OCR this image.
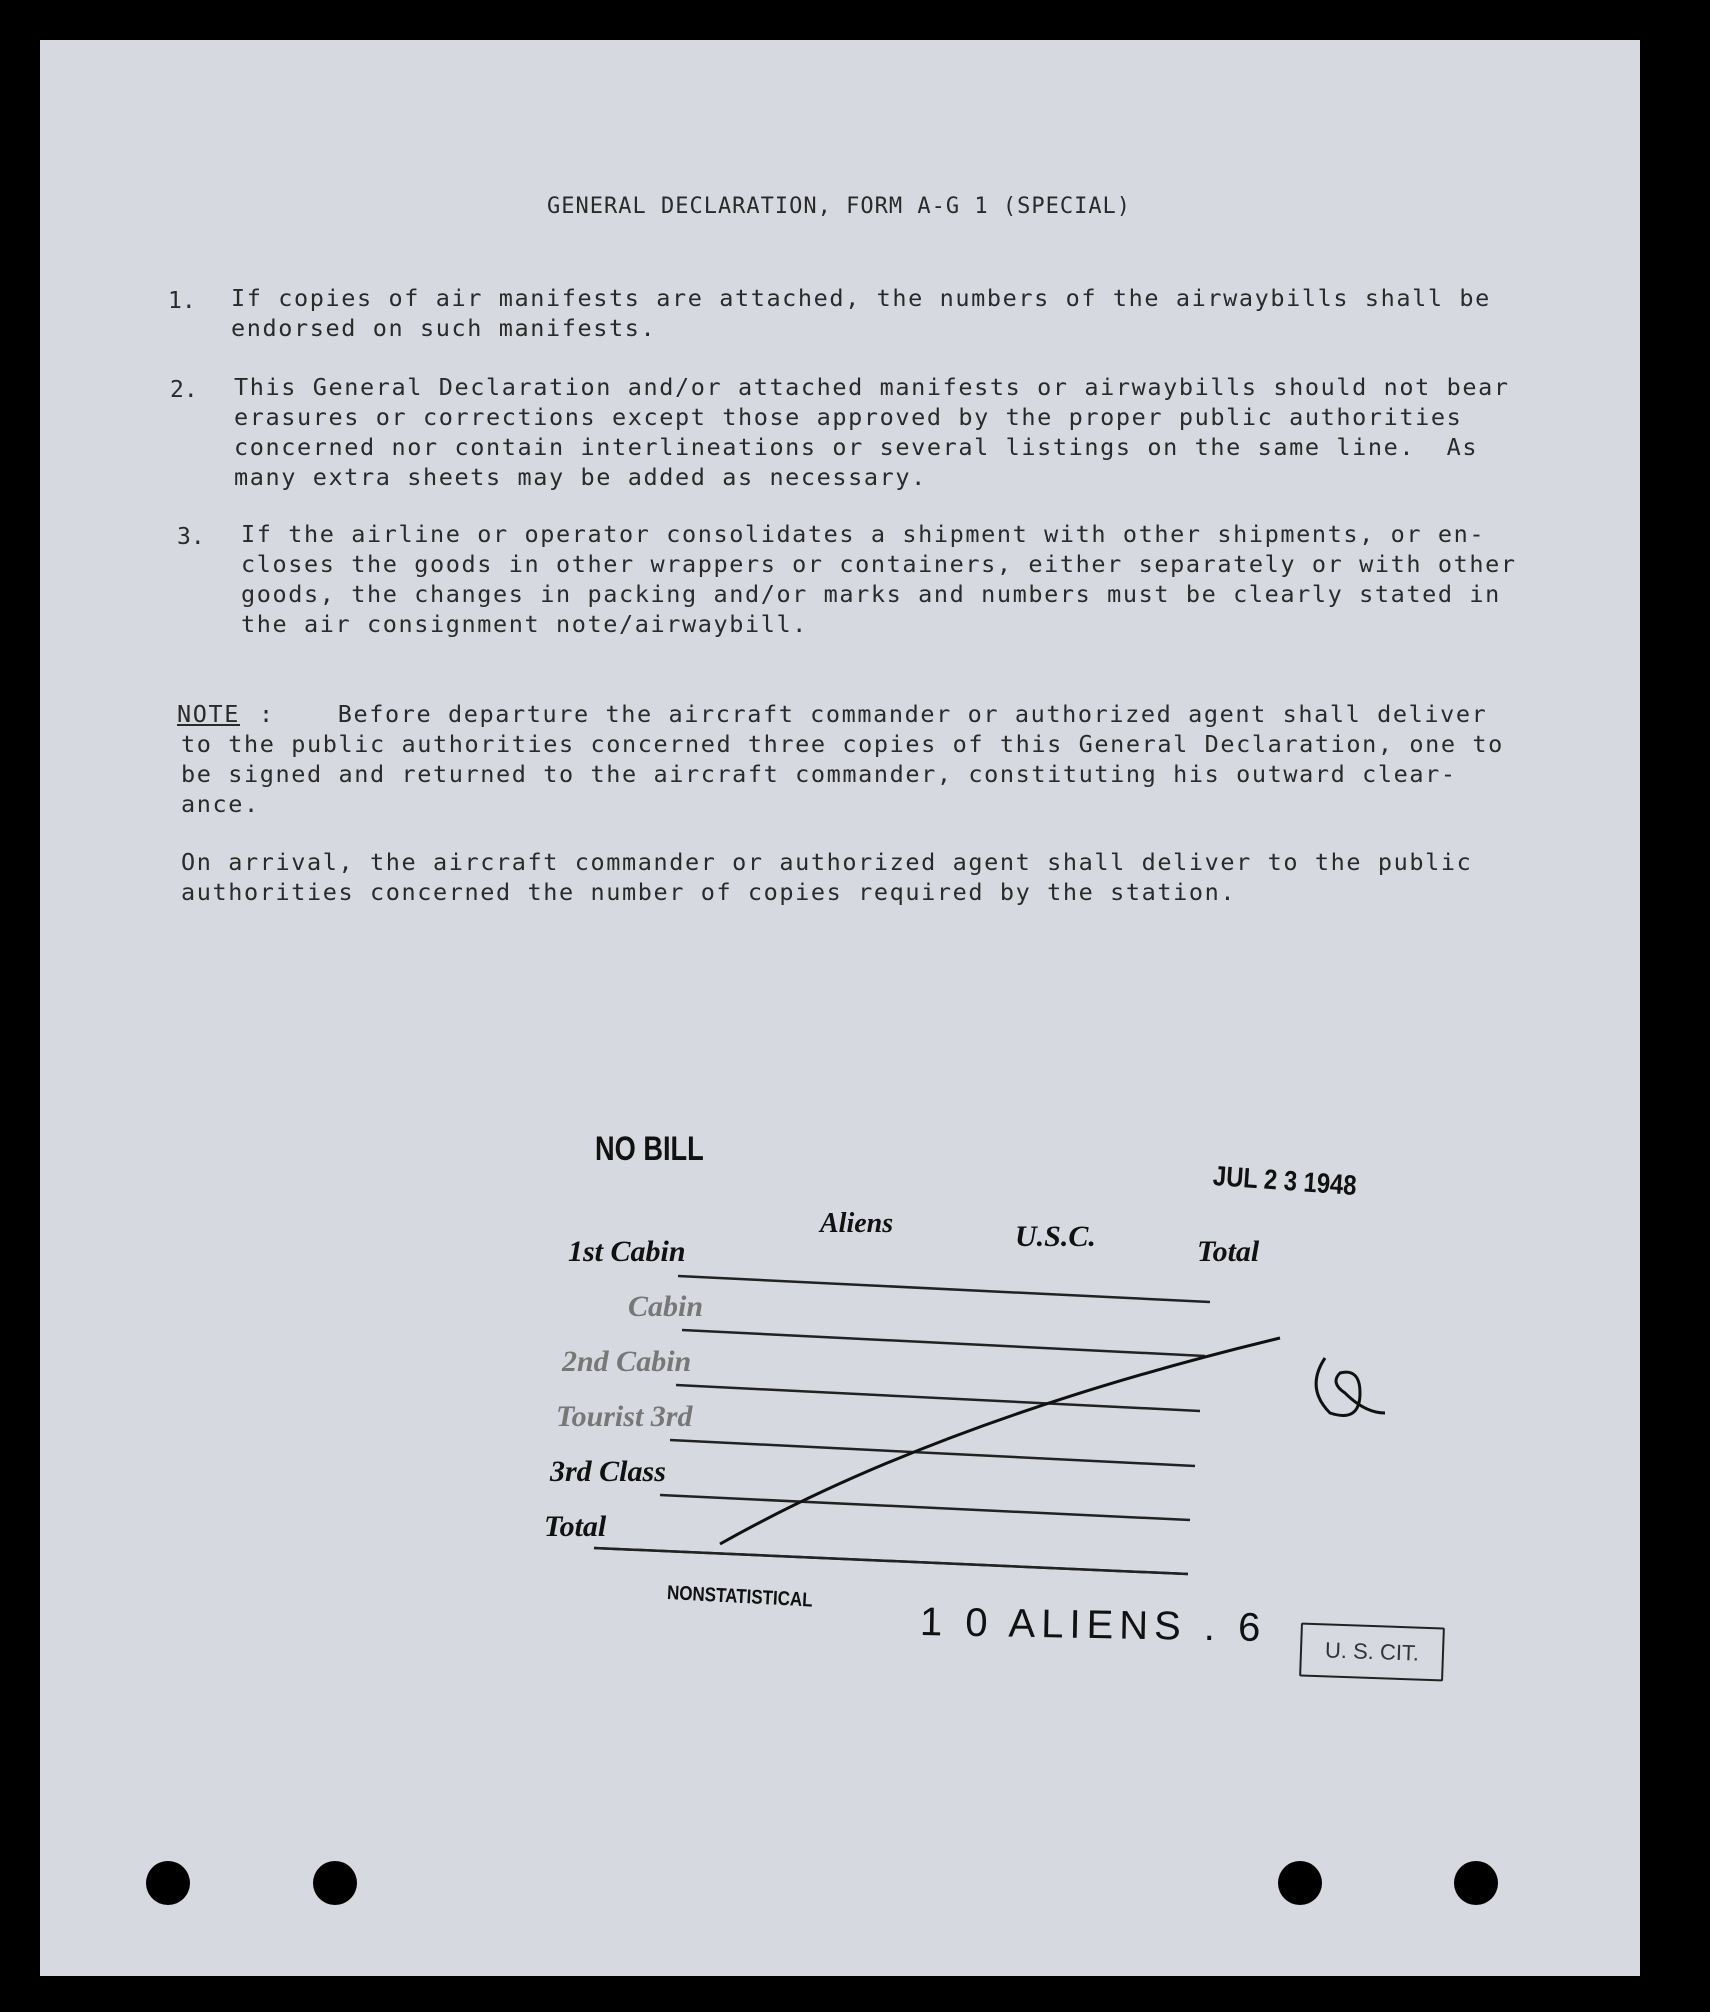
GENERAL DECLARATION, FORM A-G 1 (SPECIAL)
1. If copies of air manifests are attached, the numbers of the airwaybills shall be
endorsed on such manifests.
2. This General Declaration and/or attached manifests or airwaybills should not bear
erasures or corrections except those approved by the proper public authorities
concerned nor contain interlineations or several listings on the same line.  As
many extra sheets may be added as necessary.
3. If the airline or operator consolidates a shipment with other shipments, or en-
closes the goods in other wrappers or containers, either separately or with other
goods, the changes in packing and/or marks and numbers must be clearly stated in
the air consignment note/airwaybill.
NOTE :    Before departure the aircraft commander or authorized agent shall deliver
to the public authorities concerned three copies of this General Declaration, one to
be signed and returned to the aircraft commander, constituting his outward clear-
ance.
On arrival, the aircraft commander or authorized agent shall deliver to the public
authorities concerned the number of copies required by the station.
NO BILL
JUL 2 3 1948
Aliens	U.S.C.	Total
1st Cabin
Cabin
2nd Cabin
Tourist 3rd
3rd Class
Total
NONSTATISTICAL
1 0 ALIENS . 6
U. S. CIT.
